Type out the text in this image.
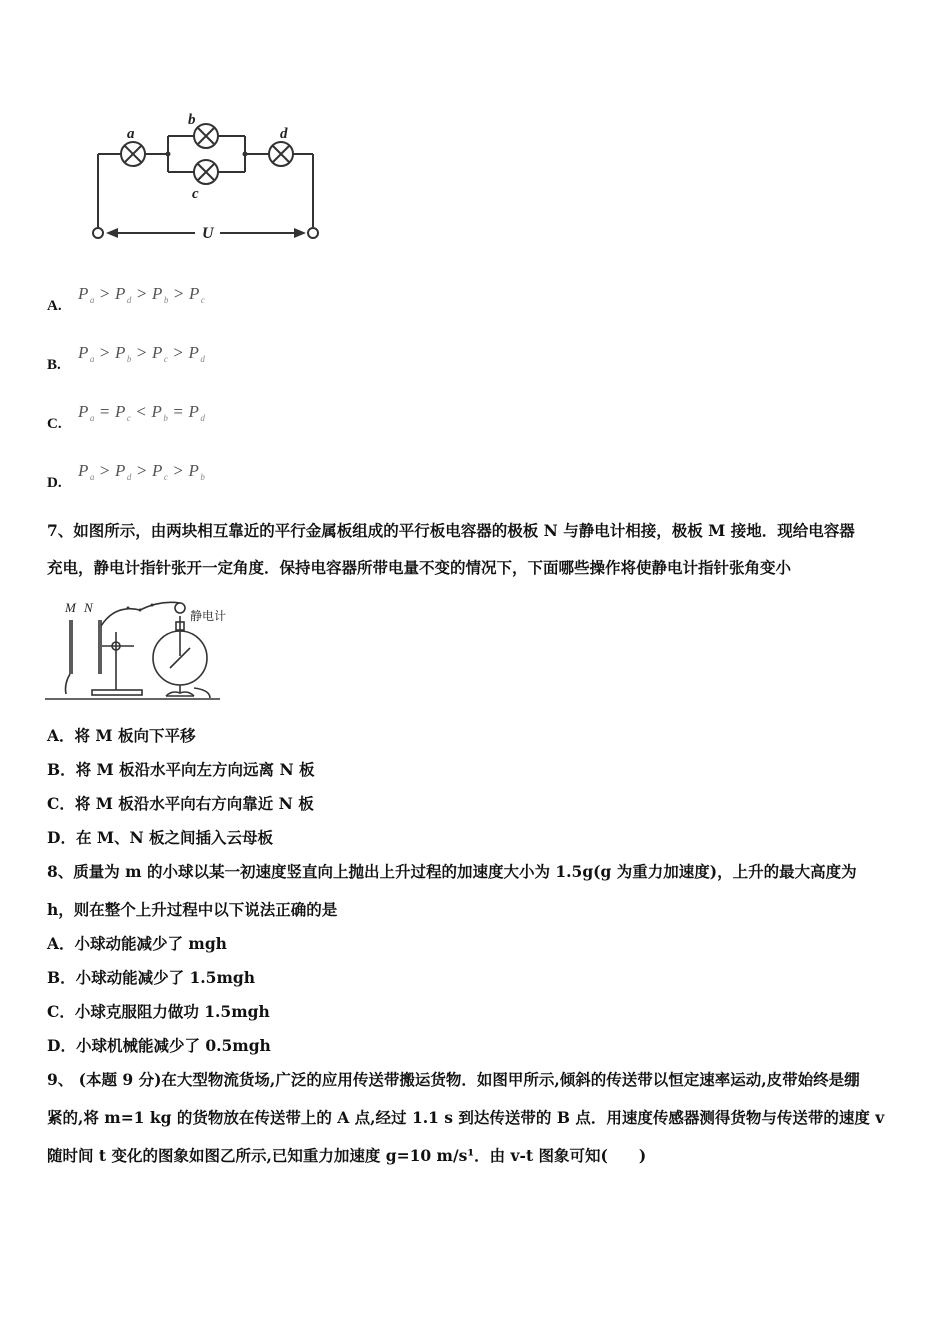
a
b
c
d
U
A.
$P_a > P_d > P_b > P_c$
B.
$P_a > P_b > P_c > P_d$
C.
$P_a = P_c < P_b = P_d$
D.
$P_a > P_d > P_c > P_b$
7、如图所示，由两块相互靠近的平行金属板组成的平行板电容器的极板 N 与静电计相接，极板 M 接地．现给电容器
充电，静电计指针张开一定角度．保持电容器所带电量不变的情况下，下面哪些操作将使静电计指针张角变小
M N
静电计
A．将 M 板向下平移
B．将 M 板沿水平向左方向远离 N 板
C．将 M 板沿水平向右方向靠近 N 板
D．在 M、N 板之间插入云母板
8、质量为 m 的小球以某一初速度竖直向上抛出上升过程的加速度大小为 1.5g(g 为重力加速度)，上升的最大高度为
h，则在整个上升过程中以下说法正确的是
A．小球动能减少了 mgh
B．小球动能减少了 1.5mgh
C．小球克服阻力做功 1.5mgh
D．小球机械能减少了 0.5mgh
9、 (本题 9 分)在大型物流货场,广泛的应用传送带搬运货物．如图甲所示,倾斜的传送带以恒定速率运动,皮带始终是绷
紧的,将 m=1 kg 的货物放在传送带上的 A 点,经过 1.1 s 到达传送带的 B 点．用速度传感器测得货物与传送带的速度 v
随时间 t 变化的图象如图乙所示,已知重力加速度 g=10 m/s¹．由 v-t 图象可知(　　)
